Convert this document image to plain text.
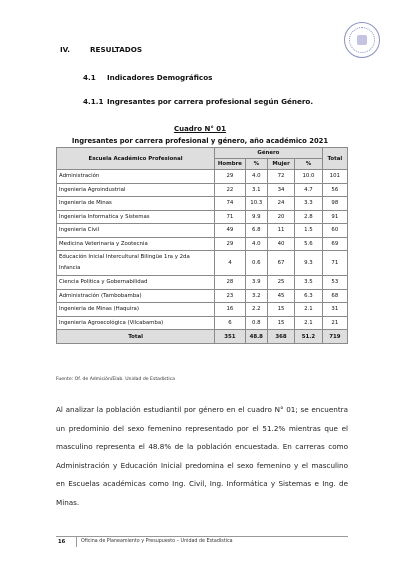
IV.	RESULTADOS
4.1 Indicadores Demográficos
4.1.1 Ingresantes por carrera profesional según Género.
Cuadro N° 01
Ingresantes por carrera profesional y género, año académico 2021
Escuela Académico Profesional	Género				Total
	Hombre	%	Mujer	%	
Administración	29	4.0	72	10.0	101
Ingenieria Agroindustrial	22	3.1	34	4.7	56
Ingenieria de Minas	74	10.3	24	3.3	98
Ingenieria Informatica y Sistemas	71	9.9	20	2.8	91
Ingenieria Civil	49	6.8	11	1.5	60
Medicina Veterinaria y Zootecnia	29	4.0	40	5.6	69
Educación Inicial Intercultural Bilingüe 1ra y 2da Infancia	4	0.6	67	9.3	71
Ciencia Politica y Gobernabilidad	28	3.9	25	3.5	53
Administración (Tambobamba)	23	3.2	45	6.3	68
Ingenieria de Minas (Haquira)	16	2.2	15	2.1	31
Ingenieria Agroecológica (Vilcabamba)	6	0.8	15	2.1	21
Total	351	48.8	368	51.2	719
Fuente: Of. de Admisión/Elab. Unidad de Estadística
Al analizar la población estudiantil por género en el cuadro N° 01; se encuentra un predominio del sexo femenino representado por el 51.2% mientras que el masculino representa el 48.8% de la población encuestada. En carreras como Administración y Educación Inicial predomina el sexo femenino y el masculino en Escuelas académicas como Ing. Civil, Ing. Informática y Sistemas e Ing. de Minas.
16	Oficina de Planeamiento y Presupuesto – Unidad de Estadística
